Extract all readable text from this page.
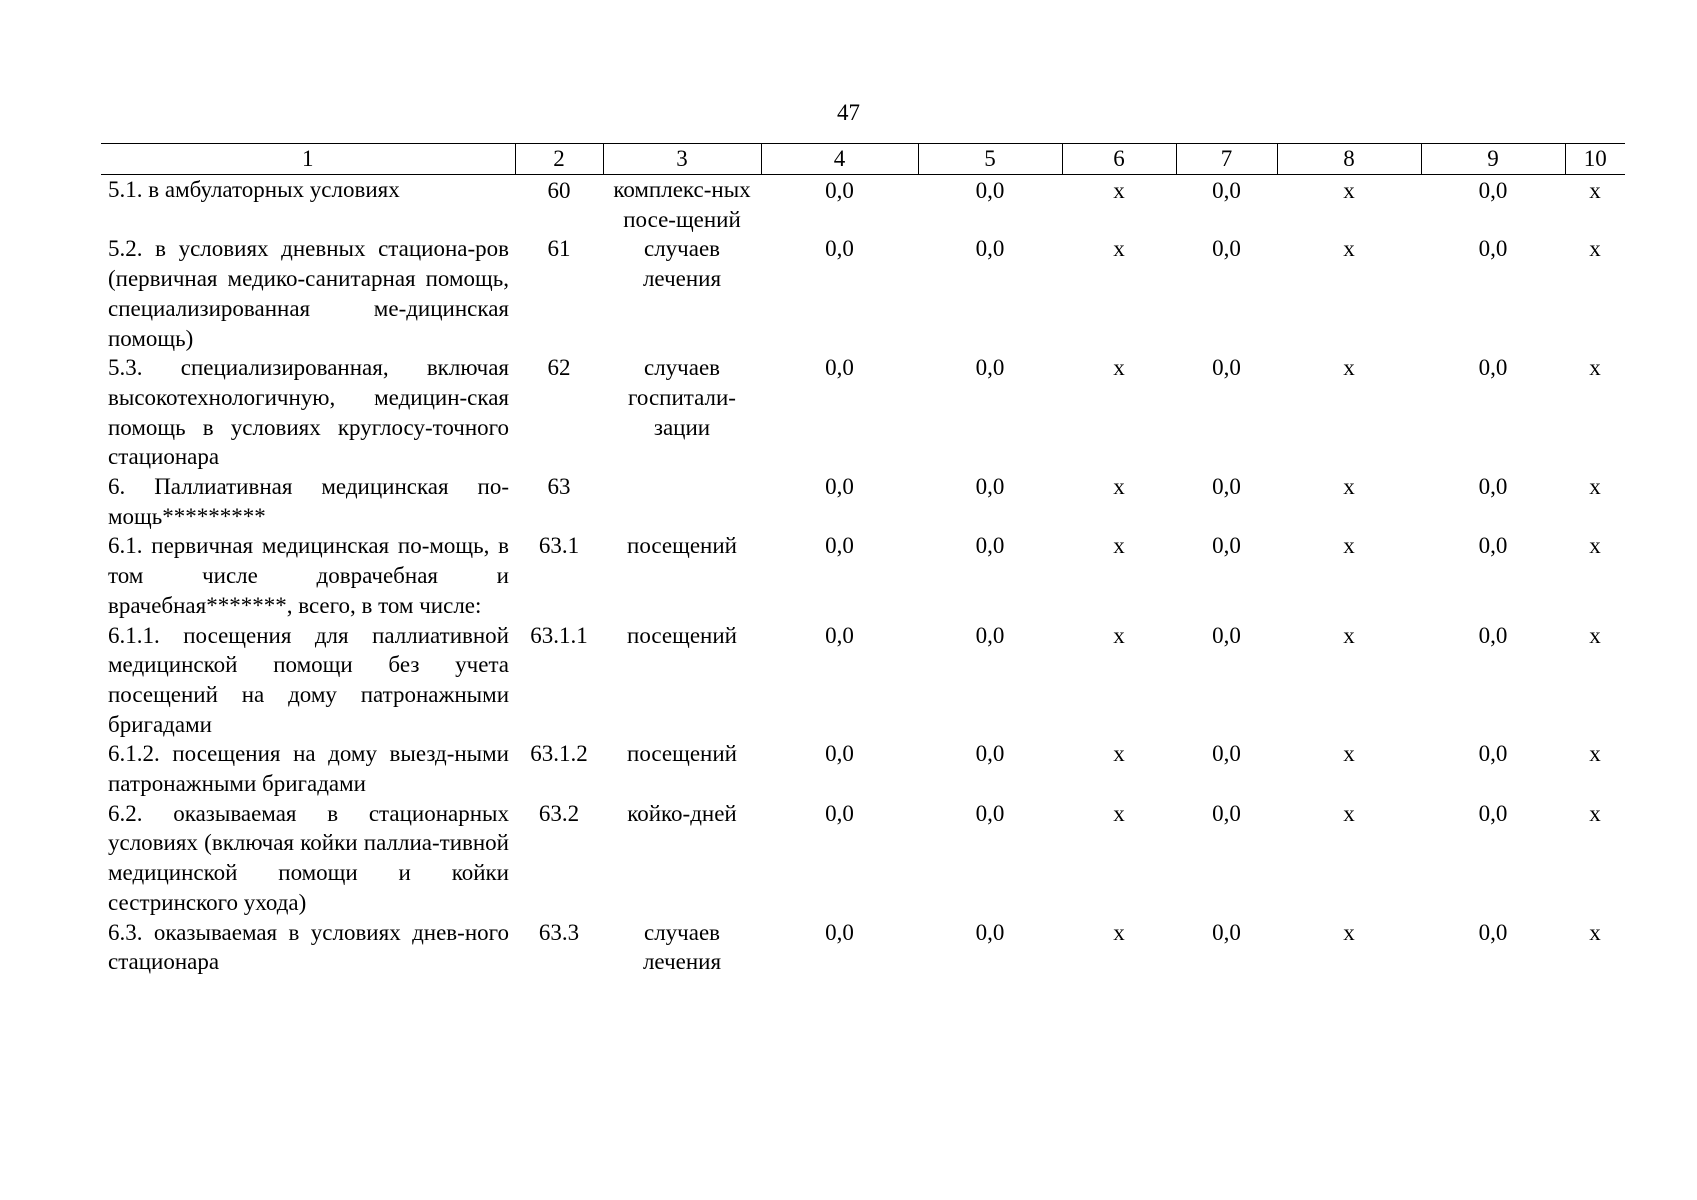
47
1	2	3	4	5	6	7	8	9	10
5.1. в амбулаторных условиях	60	комплекс-ных посе-щений	0,0	0,0	х	0,0	х	0,0	х
5.2. в условиях дневных стациона-ров (первичная медико-санитарная помощь, специализированная ме-дицинская помощь)	61	случаев лечения	0,0	0,0	х	0,0	х	0,0	х
5.3. специализированная, включая высокотехнологичную, медицин-ская помощь в условиях круглосу-точного стационара	62	случаев госпитали-зации	0,0	0,0	х	0,0	х	0,0	х
6. Паллиативная медицинская по-мощь*********	63		0,0	0,0	х	0,0	х	0,0	х
6.1. первичная медицинская по-мощь, в том числе доврачебная и врачебная*******, всего, в том числе:	63.1	посещений	0,0	0,0	х	0,0	х	0,0	х
6.1.1. посещения для паллиативной медицинской помощи без учета посещений на дому патронажными бригадами	63.1.1	посещений	0,0	0,0	х	0,0	х	0,0	х
6.1.2. посещения на дому выезд-ными патронажными бригадами	63.1.2	посещений	0,0	0,0	х	0,0	х	0,0	х
6.2. оказываемая в стационарных условиях (включая койки паллиа-тивной медицинской помощи и койки сестринского ухода)	63.2	койко-дней	0,0	0,0	х	0,0	х	0,0	х
6.3. оказываемая в условиях днев-ного стационара	63.3	случаев лечения	0,0	0,0	х	0,0	х	0,0	х
